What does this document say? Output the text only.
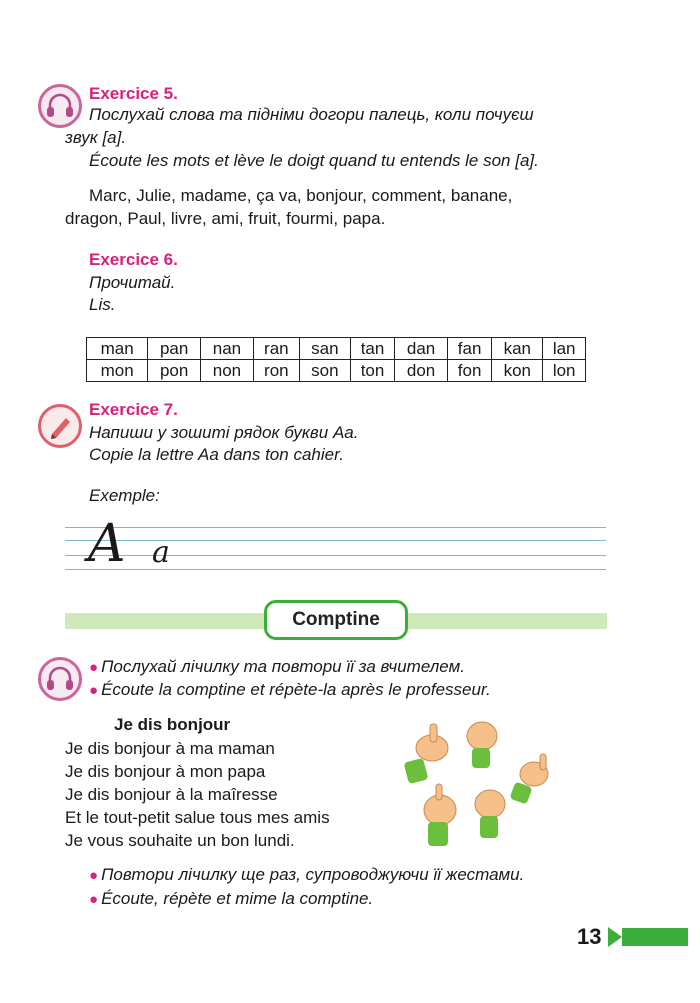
Exercice 5.
Послухай слова та підніми догори палець, коли почуєш
звук [a].
Écoute les mots et lève le doigt quand tu entends le son [a].
Marc, Julie, madame, ça va, bonjour, comment, banane,
dragon, Paul, livre, ami, fruit, fourmi, papa.
Exercice 6.
Прочитай.
Lis.
man	pan	nan	ran	san	tan	dan	fan	kan	lan
mon	pon	non	ron	son	ton	don	fon	kon	lon
Exercice 7.
Напиши у зошиті рядок букви Аа.
Copie la lettre Aa dans ton cahier.
Exemple:
A a
Comptine
● Послухай лічилку та повтори її за вчителем.
● Écoute la comptine et répète-la après le professeur.
Je dis bonjour
Je dis bonjour à ma maman
Je dis bonjour à mon papa
Je dis bonjour à la maîresse
Et le tout-petit salue tous mes amis
Je vous souhaite un bon lundi.
● Повтори лічилку ще раз, супроводжуючи її жестами.
● Écoute, répète et mime la comptine.
13
